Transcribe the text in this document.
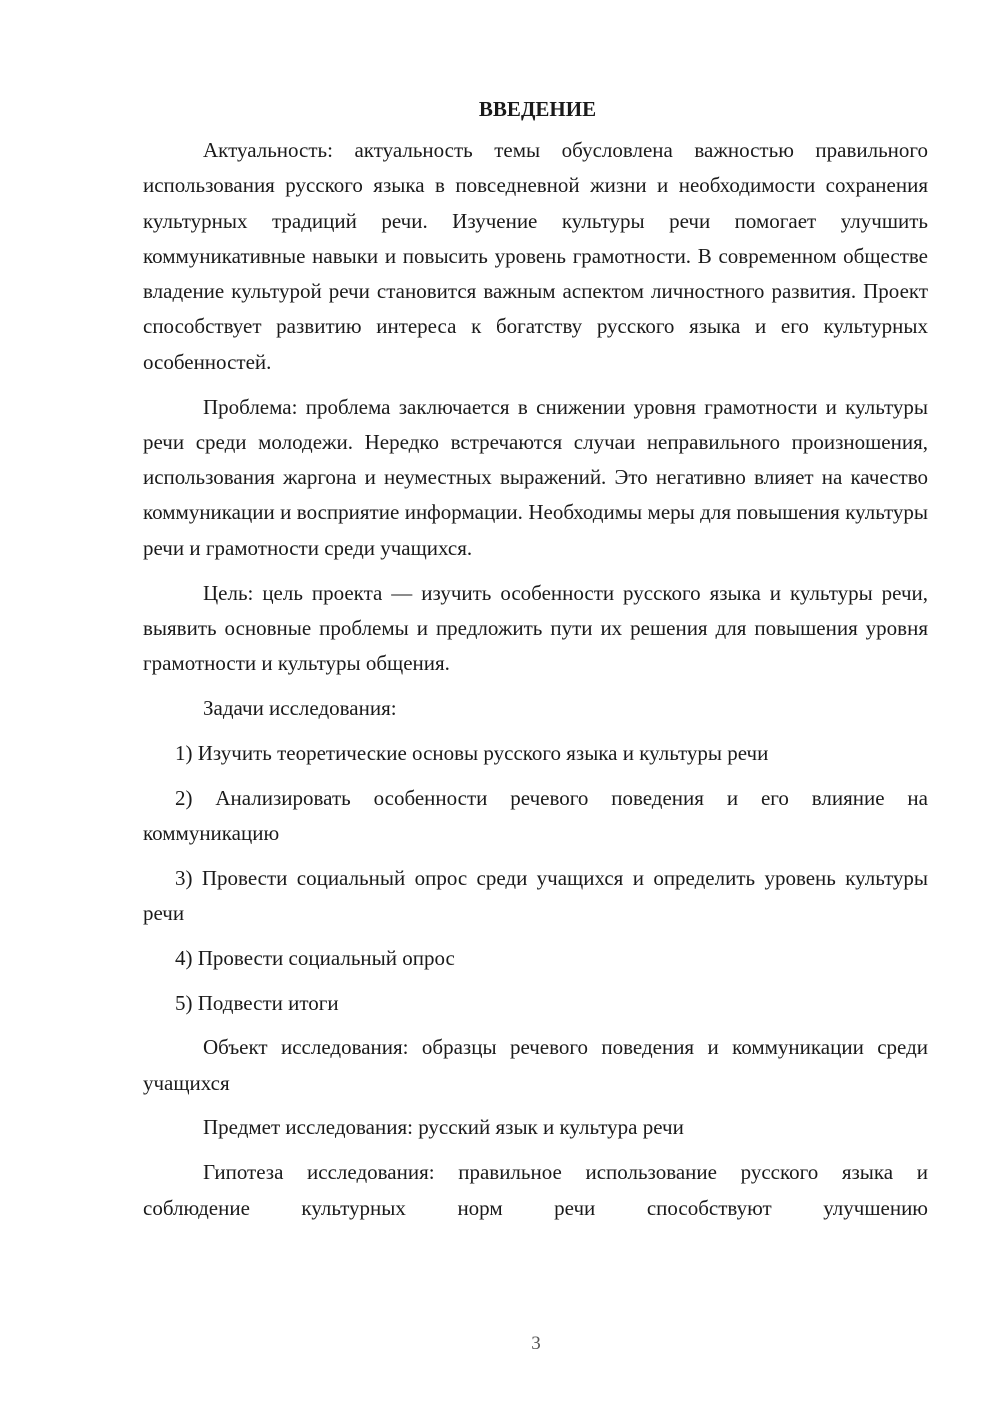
ВВЕДЕНИЕ

Актуальность: актуальность темы обусловлена важностью правильного использования русского языка в повседневной жизни и необходимости сохранения культурных традиций речи. Изучение культуры речи помогает улучшить коммуникативные навыки и повысить уровень грамотности. В современном обществе владение культурой речи становится важным аспектом личностного развития. Проект способствует развитию интереса к богатству русского языка и его культурных особенностей.

Проблема: проблема заключается в снижении уровня грамотности и культуры речи среди молодежи. Нередко встречаются случаи неправильного произношения, использования жаргона и неуместных выражений. Это негативно влияет на качество коммуникации и восприятие информации. Необходимы меры для повышения культуры речи и грамотности среди учащихся.

Цель: цель проекта — изучить особенности русского языка и культуры речи, выявить основные проблемы и предложить пути их решения для повышения уровня грамотности и культуры общения.

Задачи исследования:

1) Изучить теоретические основы русского языка и культуры речи

2) Анализировать особенности речевого поведения и его влияние на коммуникацию

3) Провести социальный опрос среди учащихся и определить уровень культуры речи

4) Провести социальный опрос

5) Подвести итоги

Объект исследования: образцы речевого поведения и коммуникации среди учащихся

Предмет исследования: русский язык и культура речи

Гипотеза исследования: правильное использование русского языка и соблюдение культурных норм речи способствуют улучшению

3
